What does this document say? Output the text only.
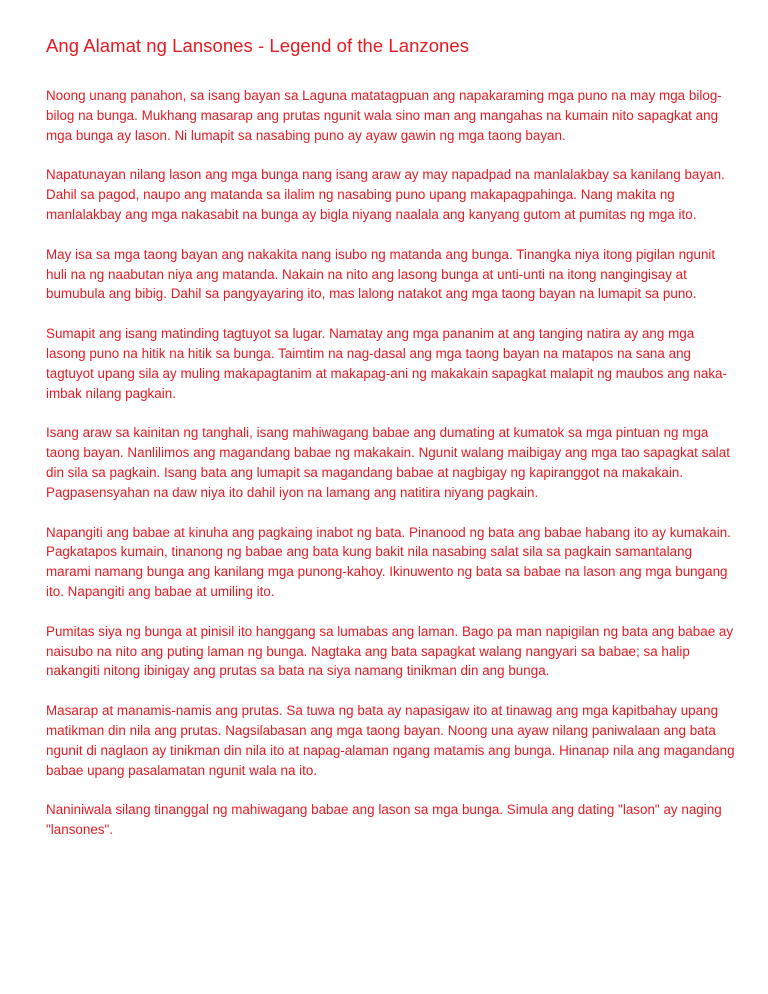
Ang Alamat ng Lansones - Legend of the Lanzones

Noong unang panahon, sa isang bayan sa Laguna matatagpuan ang napakaraming mga puno na may mga bilog-bilog na bunga. Mukhang masarap ang prutas ngunit wala sino man ang mangahas na kumain nito sapagkat ang mga bunga ay lason. Ni lumapit sa nasabing puno ay ayaw gawin ng mga taong bayan.

Napatunayan nilang lason ang mga bunga nang isang araw ay may napadpad na manlalakbay sa kanilang bayan. Dahil sa pagod, naupo ang matanda sa ilalim ng nasabing puno upang makapagpahinga. Nang makita ng manlalakbay ang mga nakasabit na bunga ay bigla niyang naalala ang kanyang gutom at pumitas ng mga ito.

May isa sa mga taong bayan ang nakakita nang isubo ng matanda ang bunga. Tinangka niya itong pigilan ngunit huli na ng naabutan niya ang matanda. Nakain na nito ang lasong bunga at unti-unti na itong nangingisay at bumubula ang bibig. Dahil sa pangyayaring ito, mas lalong natakot ang mga taong bayan na lumapit sa puno.

Sumapit ang isang matinding tagtuyot sa lugar. Namatay ang mga pananim at ang tanging natira ay ang mga lasong puno na hitik na hitik sa bunga. Taimtim na nag-dasal ang mga taong bayan na matapos na sana ang tagtuyot upang sila ay muling makapagtanim at makapag-ani ng makakain sapagkat malapit ng maubos ang naka-imbak nilang pagkain.

Isang araw sa kainitan ng tanghali, isang mahiwagang babae ang dumating at kumatok sa mga pintuan ng mga taong bayan. Nanlilimos ang magandang babae ng makakain. Ngunit walang maibigay ang mga tao sapagkat salat din sila sa pagkain. Isang bata ang lumapit sa magandang babae at nagbigay ng kapiranggot na makakain. Pagpasensyahan na daw niya ito dahil iyon na lamang ang natitira niyang pagkain.

Napangiti ang babae at kinuha ang pagkaing inabot ng bata. Pinanood ng bata ang babae habang ito ay kumakain. Pagkatapos kumain, tinanong ng babae ang bata kung bakit nila nasabing salat sila sa pagkain samantalang marami namang bunga ang kanilang mga punong-kahoy. Ikinuwento ng bata sa babae na lason ang mga bungang ito. Napangiti ang babae at umiling ito.

Pumitas siya ng bunga at pinisil ito hanggang sa lumabas ang laman. Bago pa man napigilan ng bata ang babae ay naisubo na nito ang puting laman ng bunga. Nagtaka ang bata sapagkat walang nangyari sa babae; sa halip nakangiti nitong ibinigay ang prutas sa bata na siya namang tinikman din ang bunga.

Masarap at manamis-namis ang prutas. Sa tuwa ng bata ay napasigaw ito at tinawag ang mga kapitbahay upang matikman din nila ang prutas. Nagsilabasan ang mga taong bayan. Noong una ayaw nilang paniwalaan ang bata ngunit di naglaon ay tinikman din nila ito at napag-alaman ngang matamis ang bunga. Hinanap nila ang magandang babae upang pasalamatan ngunit wala na ito.

Naniniwala silang tinanggal ng mahiwagang babae ang lason sa mga bunga. Simula ang dating "lason" ay naging "lansones".
